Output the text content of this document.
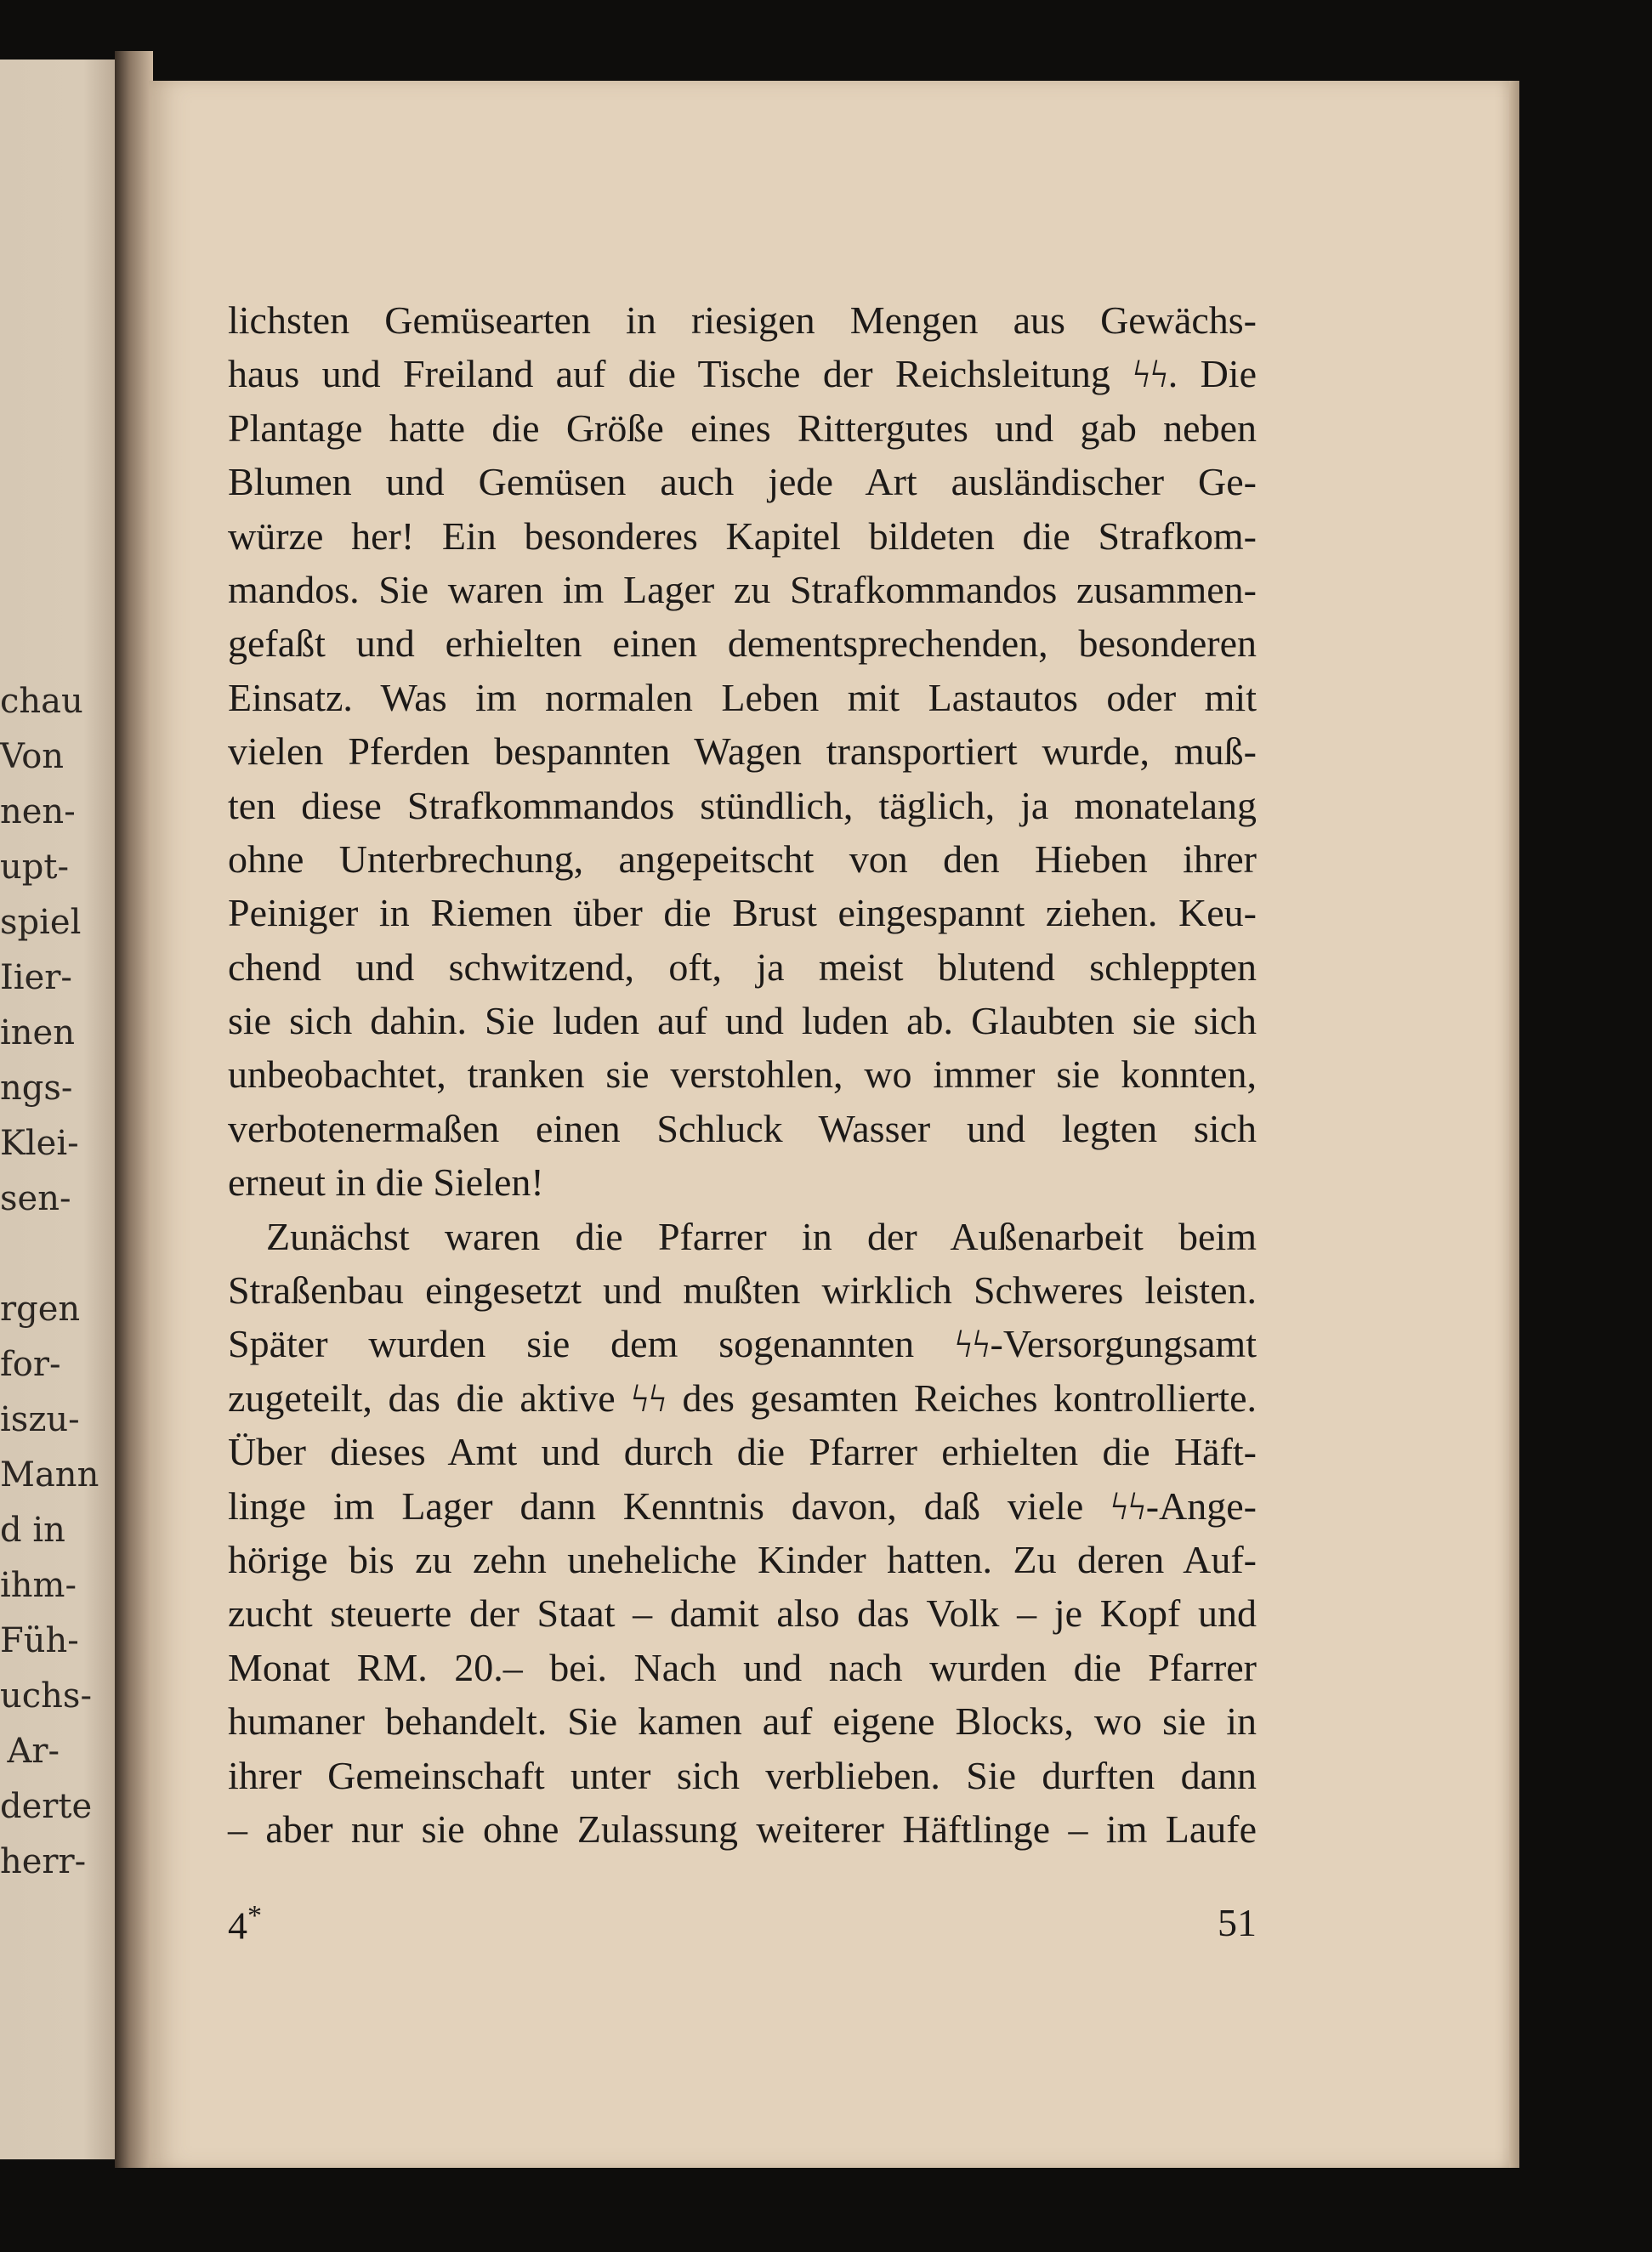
chau
Von
nen-
upt-
spiel
Iier-
inen
ngs-
Klei-
sen-
rgen
for-
iszu-
Mann
d in
ihm-
Füh-
uchs-
Ar-
derte
herr-
lichsten Gemüsearten in riesigen Mengen aus Gewächs-
haus und Freiland auf die Tische der Reichsleitung ϟϟ. Die
Plantage hatte die Größe eines Rittergutes und gab neben
Blumen und Gemüsen auch jede Art ausländischer Ge-
würze her! Ein besonderes Kapitel bildeten die Strafkom-
mandos. Sie waren im Lager zu Strafkommandos zusammen-
gefaßt und erhielten einen dementsprechenden, besonderen
Einsatz. Was im normalen Leben mit Lastautos oder mit
vielen Pferden bespannten Wagen transportiert wurde, muß-
ten diese Strafkommandos stündlich, täglich, ja monatelang
ohne Unterbrechung, angepeitscht von den Hieben ihrer
Peiniger in Riemen über die Brust eingespannt ziehen. Keu-
chend und schwitzend, oft, ja meist blutend schleppten
sie sich dahin. Sie luden auf und luden ab. Glaubten sie sich
unbeobachtet, tranken sie verstohlen, wo immer sie konnten,
verbotenermaßen einen Schluck Wasser und legten sich
erneut in die Sielen!
Zunächst waren die Pfarrer in der Außenarbeit beim
Straßenbau eingesetzt und mußten wirklich Schweres leisten.
Später wurden sie dem sogenannten ϟϟ-Versorgungsamt
zugeteilt, das die aktive ϟϟ des gesamten Reiches kontrollierte.
Über dieses Amt und durch die Pfarrer erhielten die Häft-
linge im Lager dann Kenntnis davon, daß viele ϟϟ-Ange-
hörige bis zu zehn uneheliche Kinder hatten. Zu deren Auf-
zucht steuerte der Staat – damit also das Volk – je Kopf und
Monat RM. 20.– bei. Nach und nach wurden die Pfarrer
humaner behandelt. Sie kamen auf eigene Blocks, wo sie in
ihrer Gemeinschaft unter sich verblieben. Sie durften dann
– aber nur sie ohne Zulassung weiterer Häftlinge – im Laufe
4*	51
